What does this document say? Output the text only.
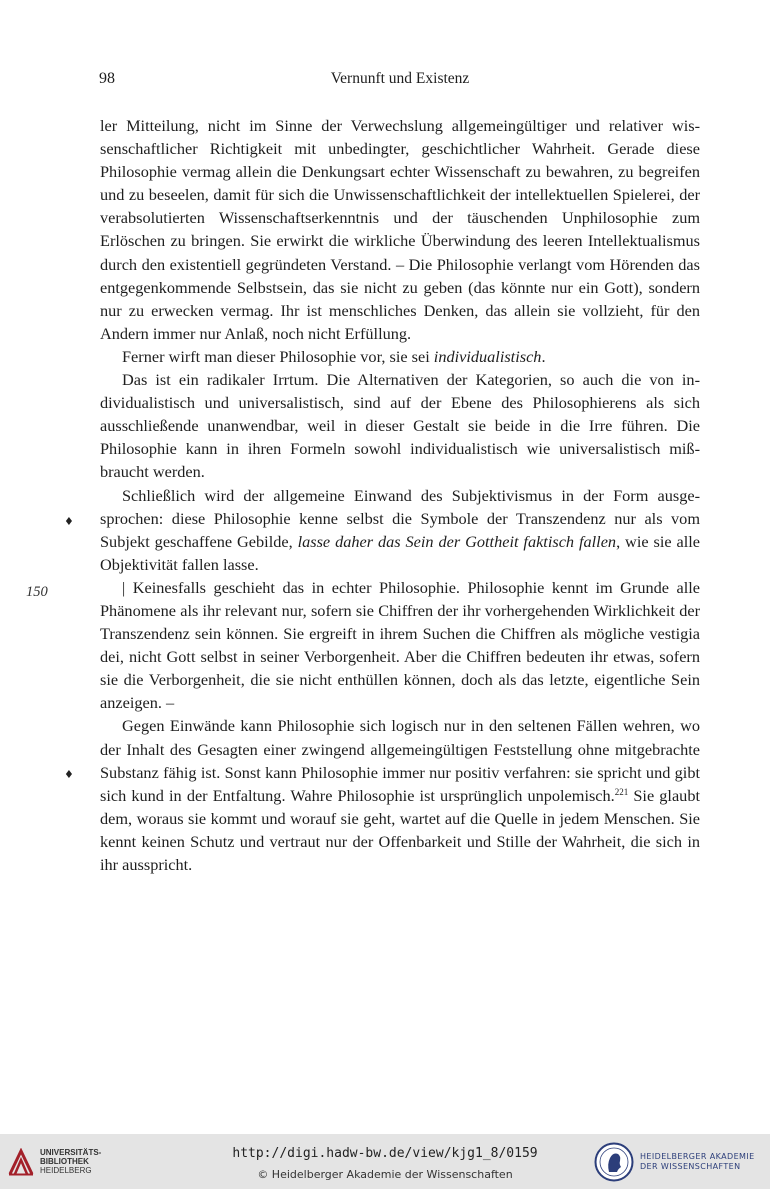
98	Vernunft und Existenz
♦
♦
150

ler Mitteilung, nicht im Sinne der Verwechslung allgemeingültiger und relativer wissenschaftlicher Richtigkeit mit unbedingter, geschichtlicher Wahrheit. Gerade diese Philosophie vermag allein die Denkungsart echter Wissenschaft zu bewahren, zu begreifen und zu beseelen, damit für sich die Unwissenschaftlichkeit der intellektuellen Spielerei, der verabsolutierten Wissenschaftserkenntnis und der täuschenden Unphilosophie zum Erlöschen zu bringen. Sie erwirkt die wirkliche Überwindung des leeren Intellektualismus durch den existentiell gegründeten Verstand. – Die Philosophie verlangt vom Hörenden das entgegenkommende Selbstsein, das sie nicht zu geben (das könnte nur ein Gott), sondern nur zu erwecken vermag. Ihr ist menschliches Denken, das allein sie vollzieht, für den Andern immer nur Anlaß, noch nicht Erfüllung.

Ferner wirft man dieser Philosophie vor, sie sei individualistisch.

Das ist ein radikaler Irrtum. Die Alternativen der Kategorien, so auch die von individualistisch und universalistisch, sind auf der Ebene des Philosophierens als sich ausschließende unanwendbar, weil in dieser Gestalt sie beide in die Irre führen. Die Philosophie kann in ihren Formeln sowohl individualistisch wie universalistisch mißbraucht werden.

Schließlich wird der allgemeine Einwand des Subjektivismus in der Form ausgesprochen: diese Philosophie kenne selbst die Symbole der Transzendenz nur als vom Subjekt geschaffene Gebilde, lasse daher das Sein der Gottheit faktisch fallen, wie sie alle Objektivität fallen lasse.

| Keinesfalls geschieht das in echter Philosophie. Philosophie kennt im Grunde alle Phänomene als ihr relevant nur, sofern sie Chiffren der ihr vorhergehenden Wirklichkeit der Transzendenz sein können. Sie ergreift in ihrem Suchen die Chiffren als mögliche vestigia dei, nicht Gott selbst in seiner Verborgenheit. Aber die Chiffren bedeuten ihr etwas, sofern sie die Verborgenheit, die sie nicht enthüllen können, doch als das letzte, eigentliche Sein anzeigen. –

Gegen Einwände kann Philosophie sich logisch nur in den seltenen Fällen wehren, wo der Inhalt des Gesagten einer zwingend allgemeingültigen Feststellung ohne mitgebrachte Substanz fähig ist. Sonst kann Philosophie immer nur positiv verfahren: sie spricht und gibt sich kund in der Entfaltung. Wahre Philosophie ist ursprünglich unpolemisch.$^{221}$ Sie glaubt dem, woraus sie kommt und worauf sie geht, wartet auf die Quelle in jedem Menschen. Sie kennt keinen Schutz und vertraut nur der Offenbarkeit und Stille der Wahrheit, die sich in ihr ausspricht.

UNIVERSITÄTS-
BIBLIOTHEK
HEIDELBERG
http://digi.hadw-bw.de/view/kjg1_8/0159
© Heidelberger Akademie der Wissenschaften
HEIDELBERGER AKADEMIE
DER WISSENSCHAFTEN
